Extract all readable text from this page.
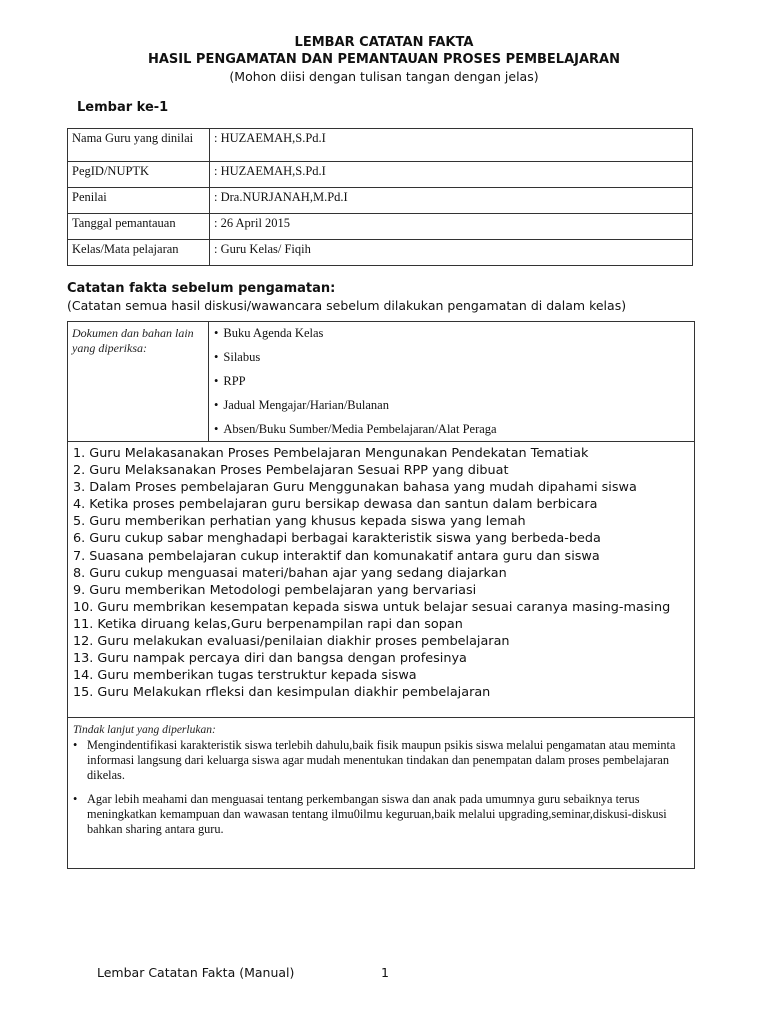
LEMBAR CATATAN FAKTA
HASIL PENGAMATAN DAN PEMANTAUAN PROSES PEMBELAJARAN
(Mohon diisi dengan tulisan tangan dengan jelas)
Lembar ke-1
Nama Guru yang dinilai	: HUZAEMAH,S.Pd.I
PegID/NUPTK	: HUZAEMAH,S.Pd.I
Penilai	: Dra.NURJANAH,M.Pd.I
Tanggal pemantauan	: 26 April 2015
Kelas/Mata pelajaran	: Guru Kelas/ Fiqih
Catatan fakta sebelum pengamatan:
(Catatan semua hasil diskusi/wawancara sebelum dilakukan pengamatan di dalam kelas)
Dokumen dan bahan lain yang diperiksa:
• Buku Agenda Kelas
• Silabus
• RPP
• Jadual Mengajar/Harian/Bulanan
• Absen/Buku Sumber/Media Pembelajaran/Alat Peraga
1. Guru Melakasanakan Proses Pembelajaran Mengunakan Pendekatan Tematiak
2. Guru Melaksanakan Proses Pembelajaran Sesuai RPP yang dibuat
3. Dalam Proses pembelajaran Guru Menggunakan bahasa yang mudah dipahami siswa
4. Ketika proses pembelajaran guru bersikap dewasa dan santun dalam berbicara
5. Guru memberikan perhatian yang khusus kepada siswa yang lemah
6. Guru cukup sabar menghadapi berbagai karakteristik siswa yang berbeda-beda
7. Suasana pembelajaran cukup interaktif dan komunakatif antara guru dan siswa
8. Guru cukup menguasai materi/bahan ajar yang sedang diajarkan
9. Guru memberikan Metodologi pembelajaran yang bervariasi
10. Guru membrikan kesempatan kepada siswa untuk belajar sesuai caranya masing-masing
11. Ketika diruang kelas,Guru berpenampilan rapi dan sopan
12. Guru melakukan evaluasi/penilaian diakhir proses pembelajaran
13. Guru nampak percaya diri dan bangsa dengan profesinya
14. Guru memberikan tugas terstruktur kepada siswa
15. Guru Melakukan rfleksi dan kesimpulan diakhir pembelajaran
Tindak lanjut yang diperlukan:
• Mengindentifikasi karakteristik siswa terlebih dahulu,baik fisik maupun psikis siswa melalui pengamatan atau meminta informasi langsung dari keluarga siswa agar mudah menentukan tindakan dan penempatan dalam proses pembelajaran dikelas.
• Agar lebih meahami dan menguasai tentang perkembangan siswa dan anak pada umumnya guru sebaiknya terus meningkatkan kemampuan dan wawasan tentang ilmu0ilmu keguruan,baik melalui upgrading,seminar,diskusi-diskusi bahkan sharing antara guru.
Lembar Catatan Fakta (Manual)	1
